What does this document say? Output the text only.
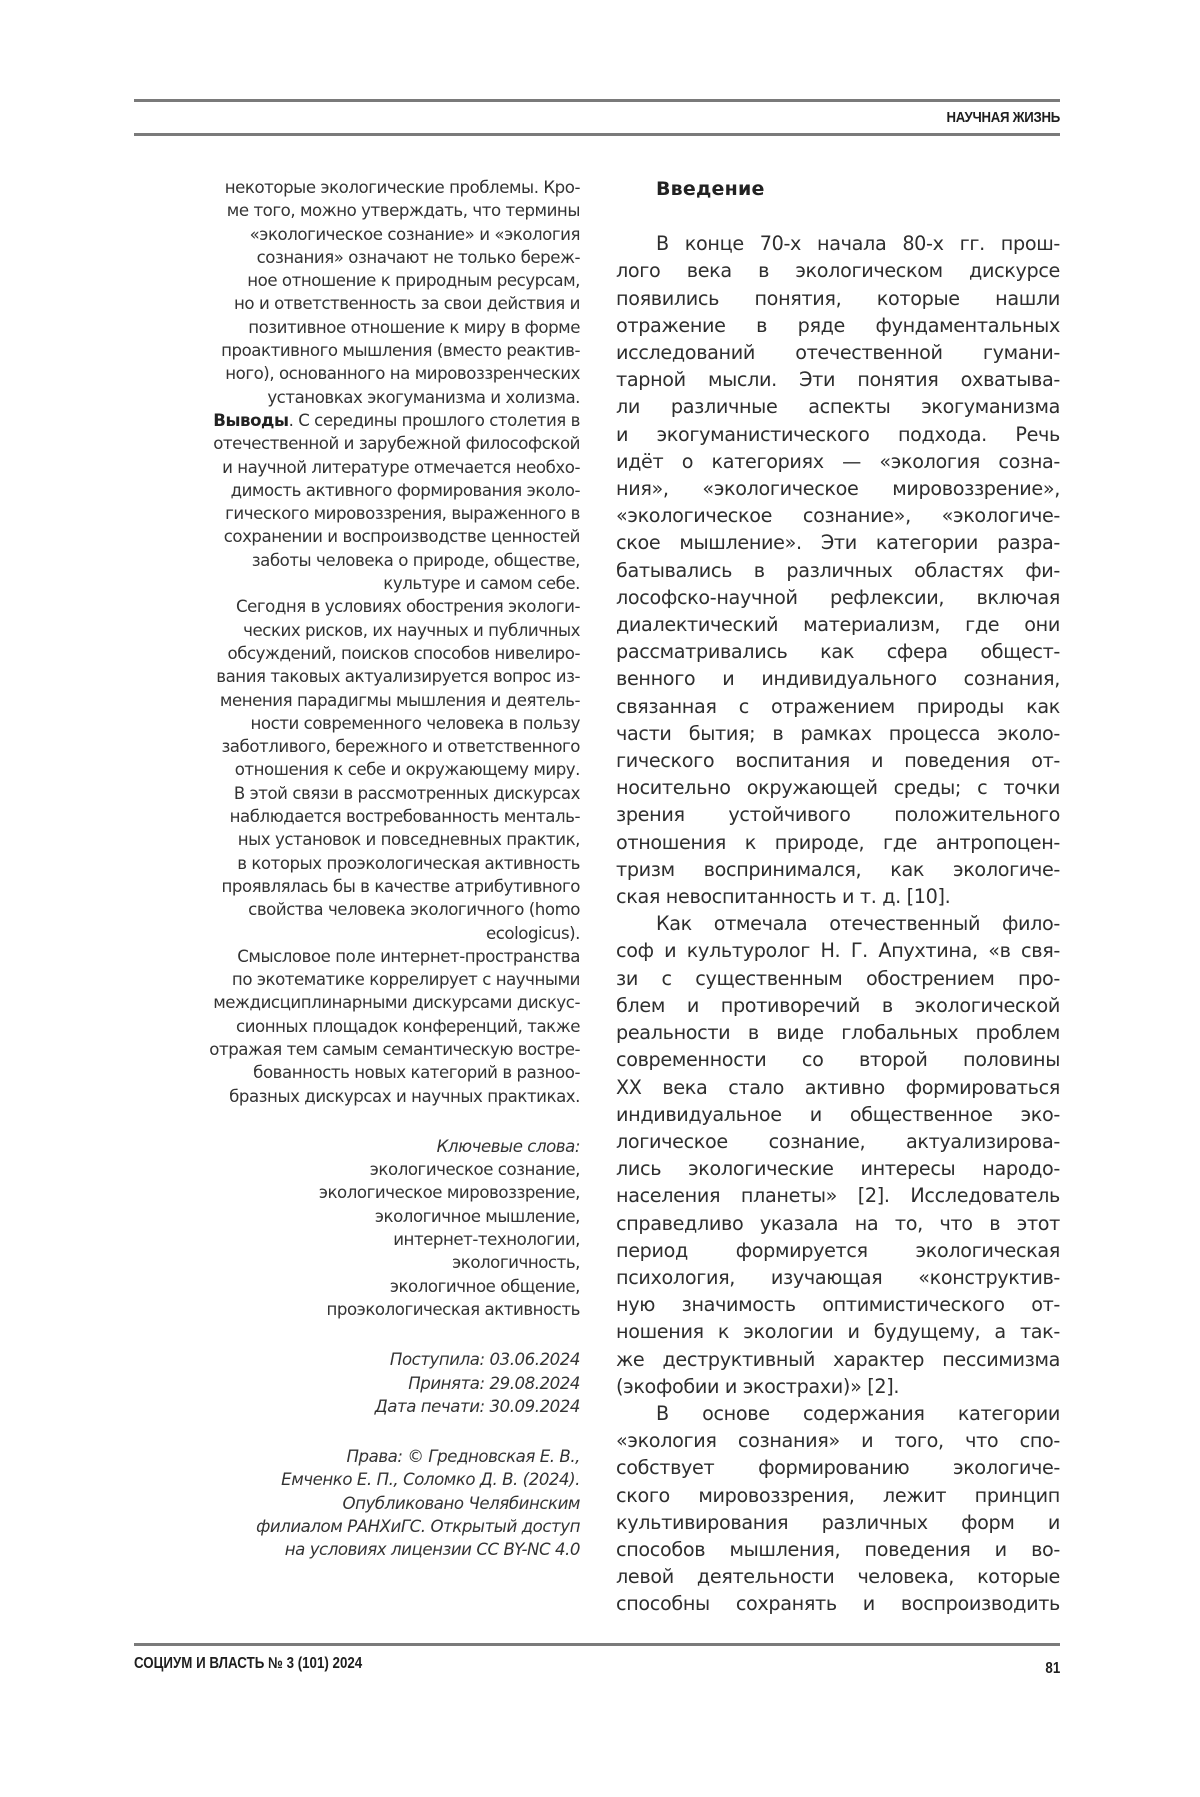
НАУЧНАЯ ЖИЗНЬ
некоторые экологические проблемы. Кро-
ме того, можно утверждать, что термины
«экологическое сознание» и «экология
сознания» означают не только береж-
ное отношение к природным ресурсам,
но и ответственность за свои действия и
позитивное отношение к миру в форме
проактивного мышления (вместо реактив-
ного), основанного на мировоззренческих
установках экогуманизма и холизма.
Выводы. С середины прошлого столетия в
отечественной и зарубежной философской
и научной литературе отмечается необхо-
димость активного формирования эколо-
гического мировоззрения, выраженного в
сохранении и воспроизводстве ценностей
заботы человека о природе, обществе,
культуре и самом себе.
Сегодня в условиях обострения экологи-
ческих рисков, их научных и публичных
обсуждений, поисков способов нивелиро-
вания таковых актуализируется вопрос из-
менения парадигмы мышления и деятель-
ности современного человека в пользу
заботливого, бережного и ответственного
отношения к себе и окружающему миру.
В этой связи в рассмотренных дискурсах
наблюдается востребованность менталь-
ных установок и повседневных практик,
в которых проэкологическая активность
проявлялась бы в качестве атрибутивного
свойства человека экологичного (homo
ecologicus).
Смысловое поле интернет-пространства
по экотематике коррелирует с научными
междисциплинарными дискурсами дискус-
сионных площадок конференций, также
отражая тем самым семантическую востре-
бованность новых категорий в разноо-
бразных дискурсах и научных практиках.
Ключевые слова:
экологическое сознание,
экологическое мировоззрение,
экологичное мышление,
интернет-технологии,
экологичность,
экологичное общение,
проэкологическая активность
Поступила: 03.06.2024
Принята: 29.08.2024
Дата печати: 30.09.2024
Права: © Гредновская Е. В.,
Емченко Е. П., Соломко Д. В. (2024).
Опубликовано Челябинским
филиалом РАНХиГС. Открытый доступ
на условиях лицензии CC BY-NC 4.0
Введение
В конце 70-х начала 80-х гг. прош-
лого века в экологическом дискурсе
появились понятия, которые нашли
отражение в ряде фундаментальных
исследований отечественной гумани-
тарной мысли. Эти понятия охватыва-
ли различные аспекты экогуманизма
и экогуманистического подхода. Речь
идёт о категориях — «экология созна-
ния», «экологическое мировоззрение»,
«экологическое сознание», «экологиче-
ское мышление». Эти категории разра-
батывались в различных областях фи-
лософско-научной рефлексии, включая
диалектический материализм, где они
рассматривались как сфера общест-
венного и индивидуального сознания,
связанная с отражением природы как
части бытия; в рамках процесса эколо-
гического воспитания и поведения от-
носительно окружающей среды; с точки
зрения устойчивого положительного
отношения к природе, где антропоцен-
тризм воспринимался, как экологиче-
ская невоспитанность и т. д. [10].
Как отмечала отечественный фило-
соф и культуролог Н. Г. Апухтина, «в свя-
зи с существенным обострением про-
блем и противоречий в экологической
реальности в виде глобальных проблем
современности со второй половины
XX века стало активно формироваться
индивидуальное и общественное эко-
логическое сознание, актуализирова-
лись экологические интересы народо-
населения планеты» [2]. Исследователь
справедливо указала на то, что в этот
период формируется экологическая
психология, изучающая «конструктив-
ную значимость оптимистического от-
ношения к экологии и будущему, а так-
же деструктивный характер пессимизма
(экофобии и экострахи)» [2].
В основе содержания категории
«экология сознания» и того, что спо-
собствует формированию экологиче-
ского мировоззрения, лежит принцип
культивирования различных форм и
способов мышления, поведения и во-
левой деятельности человека, которые
способны сохранять и воспроизводить
СОЦИУМ И ВЛАСТЬ № 3 (101) 2024	81
